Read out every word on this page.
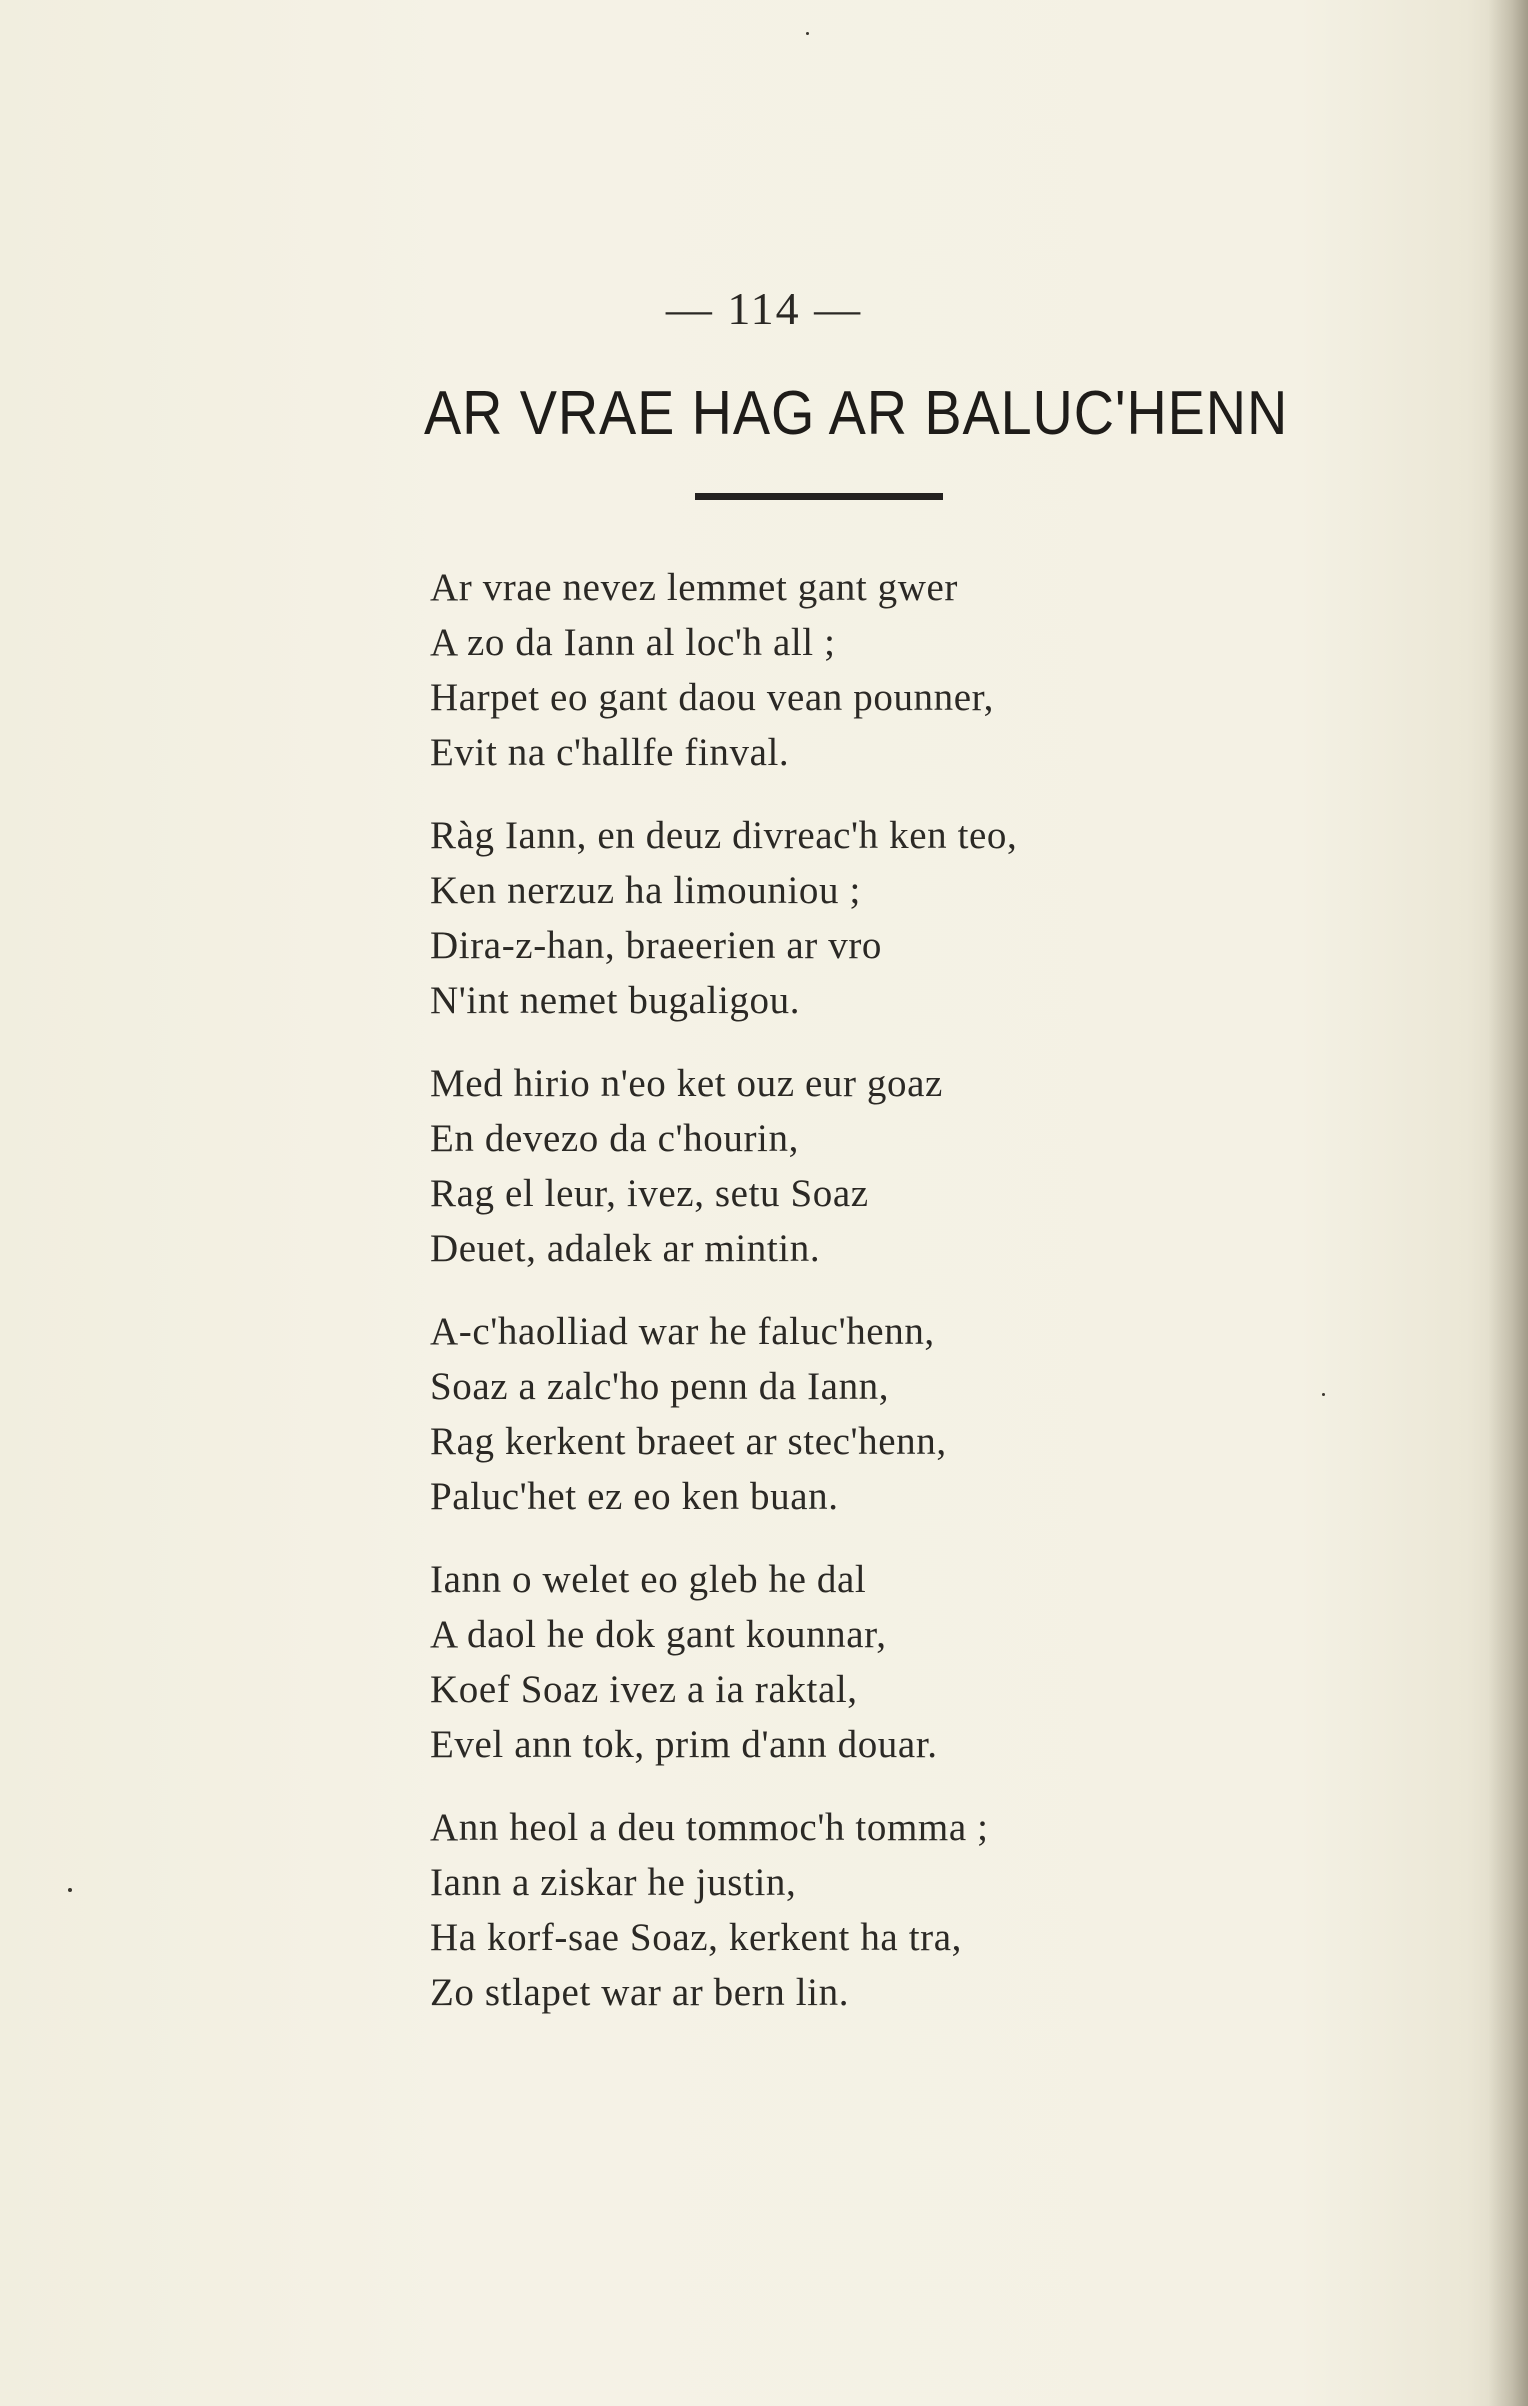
— 114 —
AR VRAE HAG AR BALUC'HENN
Ar vrae nevez lemmet gant gwer
A zo da Iann al loc'h all ;
Harpet eo gant daou vean pounner,
Evit na c'hallfe finval.
Ràg Iann, en deuz divreac'h ken teo,
Ken nerzuz ha limouniou ;
Dira-z-han, braeerien ar vro
N'int nemet bugaligou.
Med hirio n'eo ket ouz eur goaz
En devezo da c'hourin,
Rag el leur, ivez, setu Soaz
Deuet, adalek ar mintin.
A-c'haolliad war he faluc'henn,
Soaz a zalc'ho penn da Iann,
Rag kerkent braeet ar stec'henn,
Paluc'het ez eo ken buan.
Iann o welet eo gleb he dal
A daol he dok gant kounnar,
Koef Soaz ivez a ia raktal,
Evel ann tok, prim d'ann douar.
Ann heol a deu tommoc'h tomma ;
Iann a ziskar he justin,
Ha korf-sae Soaz, kerkent ha tra,
Zo stlapet war ar bern lin.
